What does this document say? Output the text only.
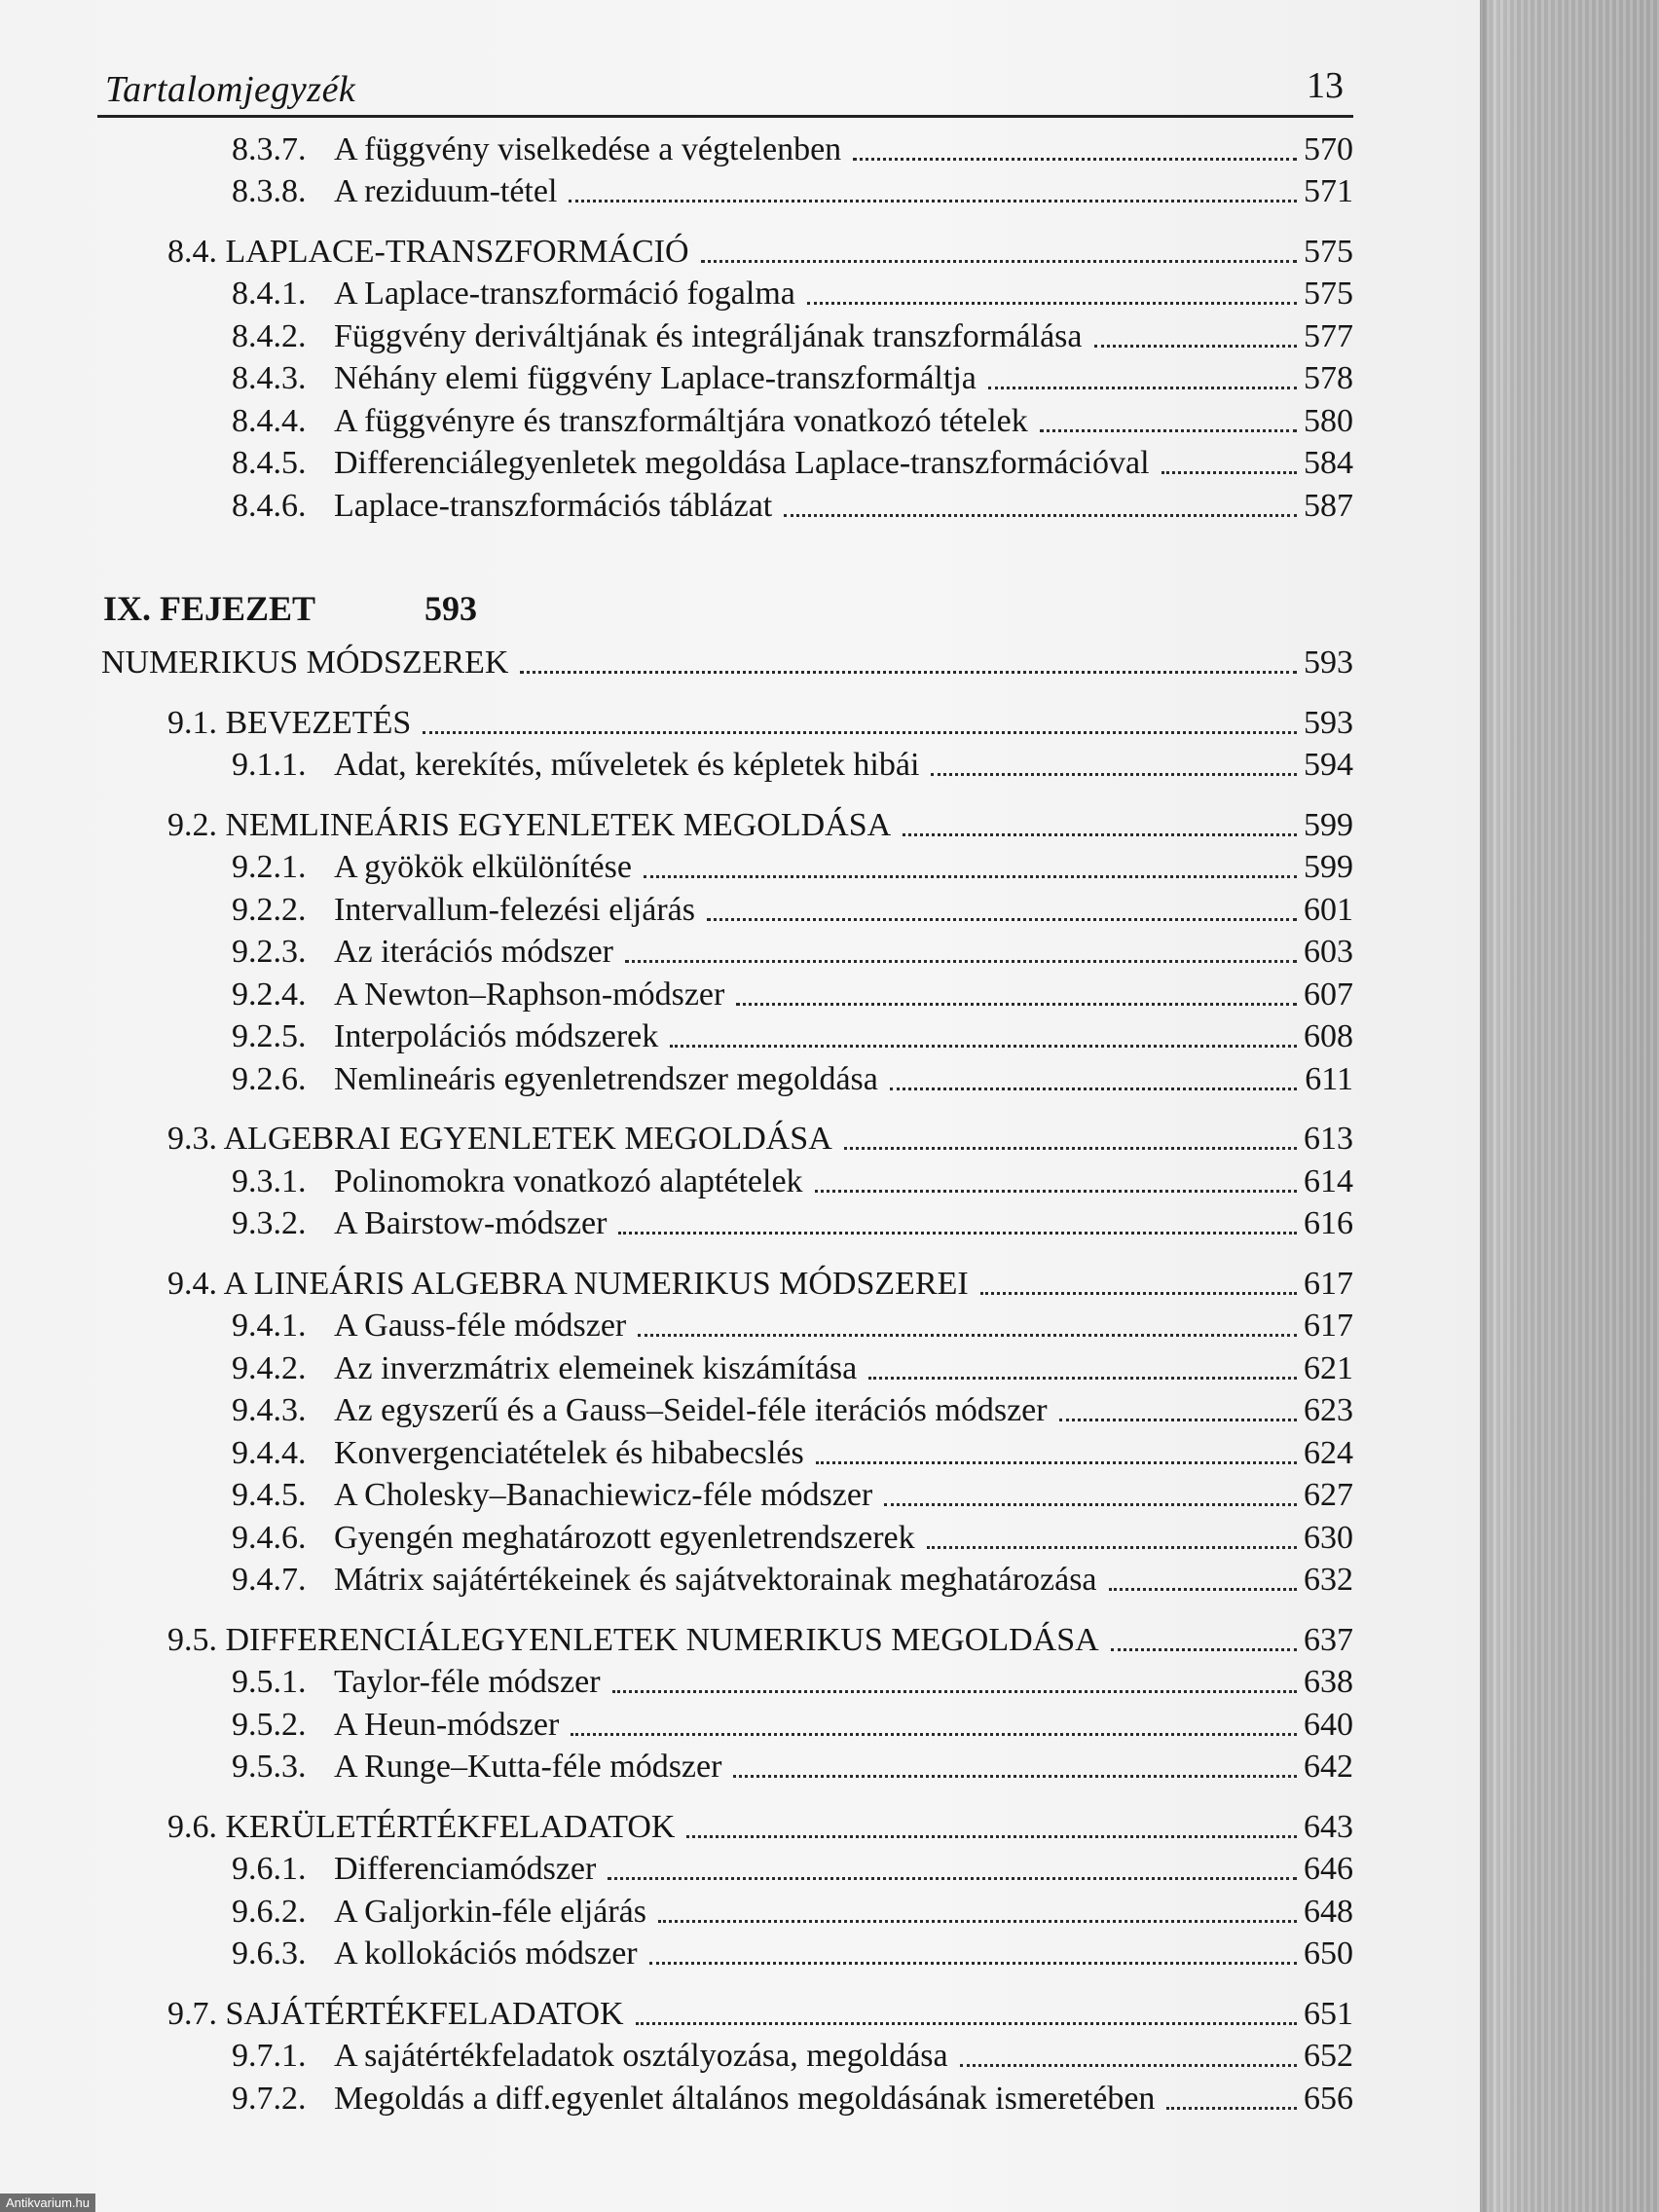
Tartalomjegyzék	13
8.3.7. A függvény viselkedése a végtelenben	570
8.3.8. A reziduum-tétel	571
8.4. LAPLACE-TRANSZFORMÁCIÓ	575
8.4.1. A Laplace-transzformáció fogalma	575
8.4.2. Függvény deriváltjának és integráljának transzformálása	577
8.4.3. Néhány elemi függvény Laplace-transzformáltja	578
8.4.4. A függvényre és transzformáltjára vonatkozó tételek	580
8.4.5. Differenciálegyenletek megoldása Laplace-transzformációval	584
8.4.6. Laplace-transzformációs táblázat	587
IX. FEJEZET	593
NUMERIKUS MÓDSZEREK	593
9.1. BEVEZETÉS	593
9.1.1. Adat, kerekítés, műveletek és képletek hibái	594
9.2. NEMLINEÁRIS EGYENLETEK MEGOLDÁSA	599
9.2.1. A gyökök elkülönítése	599
9.2.2. Intervallum-felezési eljárás	601
9.2.3. Az iterációs módszer	603
9.2.4. A Newton–Raphson-módszer	607
9.2.5. Interpolációs módszerek	608
9.2.6. Nemlineáris egyenletrendszer megoldása	611
9.3. ALGEBRAI EGYENLETEK MEGOLDÁSA	613
9.3.1. Polinomokra vonatkozó alaptételek	614
9.3.2. A Bairstow-módszer	616
9.4. A LINEÁRIS ALGEBRA NUMERIKUS MÓDSZEREI	617
9.4.1. A Gauss-féle módszer	617
9.4.2. Az inverzmátrix elemeinek kiszámítása	621
9.4.3. Az egyszerű és a Gauss–Seidel-féle iterációs módszer	623
9.4.4. Konvergenciatételek és hibabecslés	624
9.4.5. A Cholesky–Banachiewicz-féle módszer	627
9.4.6. Gyengén meghatározott egyenletrendszerek	630
9.4.7. Mátrix sajátértékeinek és sajátvektorainak meghatározása	632
9.5. DIFFERENCIÁLEGYENLETEK NUMERIKUS MEGOLDÁSA	637
9.5.1. Taylor-féle módszer	638
9.5.2. A Heun-módszer	640
9.5.3. A Runge–Kutta-féle módszer	642
9.6. KERÜLETÉRTÉKFELADATOK	643
9.6.1. Differenciamódszer	646
9.6.2. A Galjorkin-féle eljárás	648
9.6.3. A kollokációs módszer	650
9.7. SAJÁTÉRTÉKFELADATOK	651
9.7.1. A sajátértékfeladatok osztályozása, megoldása	652
9.7.2. Megoldás a diff.egyenlet általános megoldásának ismeretében	656
Antikvarium.hu
